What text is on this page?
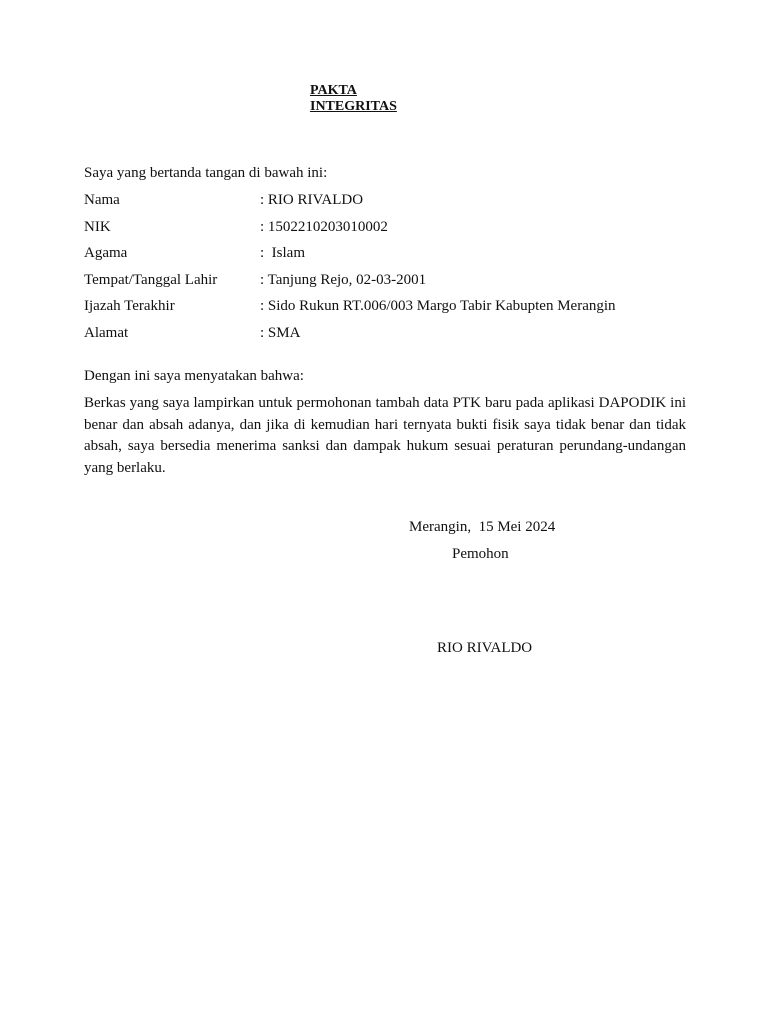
PAKTA
INTEGRITAS
Saya yang bertanda tangan di bawah ini:
Nama	: RIO RIVALDO
NIK	: 1502210203010002
Agama	:  Islam
Tempat/Tanggal Lahir	: Tanjung Rejo, 02-03-2001
Ijazah Terakhir	: Sido Rukun RT.006/003 Margo Tabir Kabupten Merangin
Alamat	: SMA
Dengan ini saya menyatakan bahwa:
Berkas yang saya lampirkan untuk permohonan tambah data PTK baru pada aplikasi DAPODIK ini benar dan absah adanya, dan jika di kemudian hari ternyata bukti fisik saya tidak benar dan tidak absah, saya bersedia menerima sanksi dan dampak hukum sesuai peraturan perundang-undangan yang berlaku.
Merangin,  15 Mei 2024
Pemohon
RIO RIVALDO
